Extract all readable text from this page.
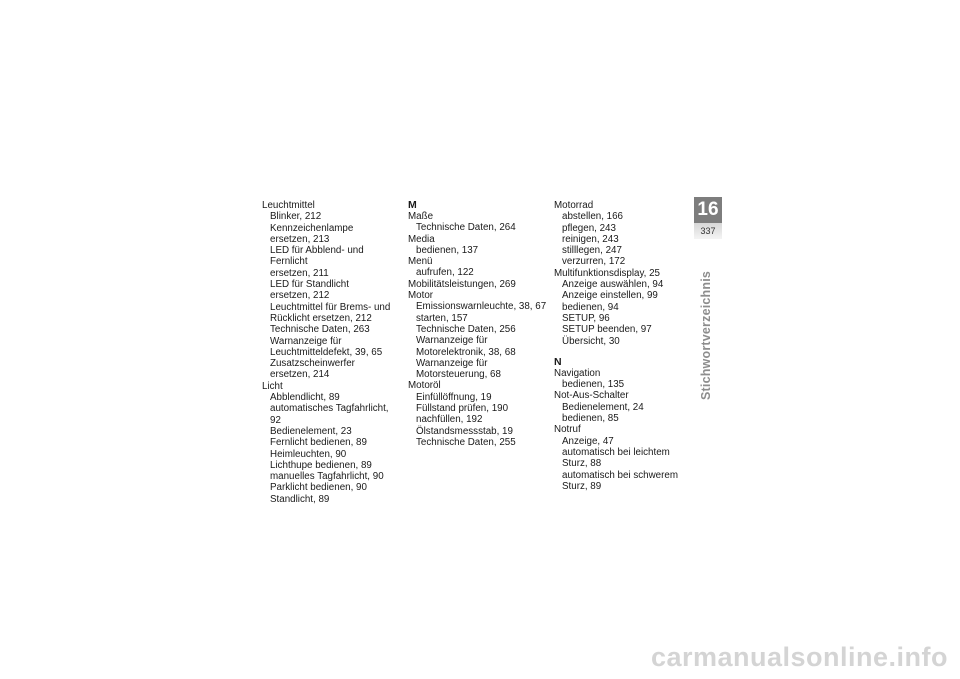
Leuchtmittel
Blinker, 212
Kennzeichenlampe
ersetzen, 213
LED für Abblend- und Fernlicht
ersetzen, 211
LED für Standlicht
ersetzen, 212
Leuchtmittel für Brems- und
Rücklicht ersetzen, 212
Technische Daten, 263
Warnanzeige für
Leuchtmitteldefekt, 39, 65
Zusatzscheinwerfer
ersetzen, 214
Licht
Abblendlicht, 89
automatisches Tagfahrlicht, 92
Bedienelement, 23
Fernlicht bedienen, 89
Heimleuchten, 90
Lichthupe bedienen, 89
manuelles Tagfahrlicht, 90
Parklicht bedienen, 90
Standlicht, 89
M
Maße
Technische Daten, 264
Media
bedienen, 137
Menü
aufrufen, 122
Mobilitätsleistungen, 269
Motor
Emissionswarnleuchte, 38, 67
starten, 157
Technische Daten, 256
Warnanzeige für
Motorelektronik, 38, 68
Warnanzeige für
Motorsteuerung, 68
Motoröl
Einfüllöffnung, 19
Füllstand prüfen, 190
nachfüllen, 192
Ölstandsmessstab, 19
Technische Daten, 255
Motorrad
abstellen, 166
pflegen, 243
reinigen, 243
stilllegen, 247
verzurren, 172
Multifunktionsdisplay, 25
Anzeige auswählen, 94
Anzeige einstellen, 99
bedienen, 94
SETUP, 96
SETUP beenden, 97
Übersicht, 30
N
Navigation
bedienen, 135
Not-Aus-Schalter
Bedienelement, 24
bedienen, 85
Notruf
Anzeige, 47
automatisch bei leichtem
Sturz, 88
automatisch bei schwerem
Sturz, 89
16
337
Stichwortverzeichnis
carmanualsonline.info
